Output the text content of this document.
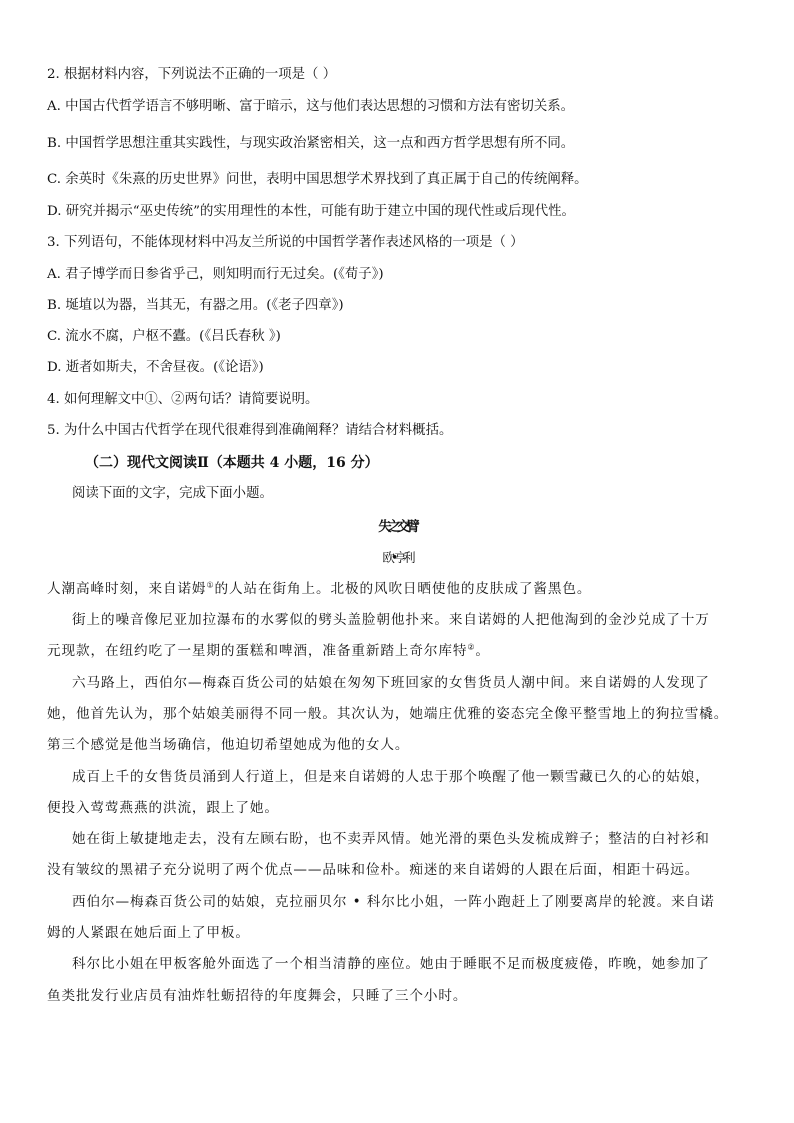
2. 根据材料内容，下列说法不正确的一项是（ ）
A. 中国古代哲学语言不够明晰、富于暗示，这与他们表达思想的习惯和方法有密切关系。
B. 中国哲学思想注重其实践性，与现实政治紧密相关，这一点和西方哲学思想有所不同。
C. 余英时《朱熹的历史世界》问世，表明中国思想学术界找到了真正属于自己的传统阐释。
D. 研究并揭示“巫史传统”的实用理性的本性，可能有助于建立中国的现代性或后现代性。
3. 下列语句，不能体现材料中冯友兰所说的中国哲学著作表述风格的一项是（ ）
A. 君子博学而日参省乎己，则知明而行无过矣。(《荀子》)
B. 埏埴以为器，当其无，有器之用。(《老子四章》)
C. 流水不腐，户枢不蠹。(《吕氏春秋 》)
D. 逝者如斯夫，不舍昼夜。(《论语》)
4. 如何理解文中①、②两句话？请简要说明。
5. 为什么中国古代哲学在现代很难得到准确阐释？请结合材料概括。
（二）现代文阅读Ⅱ（本题共 4 小题，16 分）
阅读下面的文字，完成下面小题。
失之交臂
欧 • 亨利
人潮高峰时刻，来自诺姆①的人站在街角上。北极的风吹日晒使他的皮肤成了酱黑色。
街上的噪音像尼亚加拉瀑布的水雾似的劈头盖脸朝他扑来。来自诺姆的人把他淘到的金沙兑成了十万
元现款，在纽约吃了一星期的蛋糕和啤酒，准备重新踏上奇尔库特②。
六马路上，西伯尔—梅森百货公司的姑娘在匆匆下班回家的女售货员人潮中间。来自诺姆的人发现了
她，他首先认为，那个姑娘美丽得不同一般。其次认为，她端庄优雅的姿态完全像平整雪地上的狗拉雪橇。
第三个感觉是他当场确信，他迫切希望她成为他的女人。
成百上千的女售货员涌到人行道上，但是来自诺姆的人忠于那个唤醒了他一颗雪藏已久的心的姑娘，
便投入莺莺燕燕的洪流，跟上了她。
她在街上敏捷地走去，没有左顾右盼，也不卖弄风情。她光滑的栗色头发梳成辫子；整洁的白衬衫和
没有皱纹的黑裙子充分说明了两个优点——品味和俭朴。痴迷的来自诺姆的人跟在后面，相距十码远。
西伯尔—梅森百货公司的姑娘，克拉丽贝尔 • 科尔比小姐，一阵小跑赶上了刚要离岸的轮渡。来自诺
姆的人紧跟在她后面上了甲板。
科尔比小姐在甲板客舱外面选了一个相当清静的座位。她由于睡眠不足而极度疲倦，昨晚，她参加了
鱼类批发行业店员有油炸牡蛎招待的年度舞会，只睡了三个小时。
